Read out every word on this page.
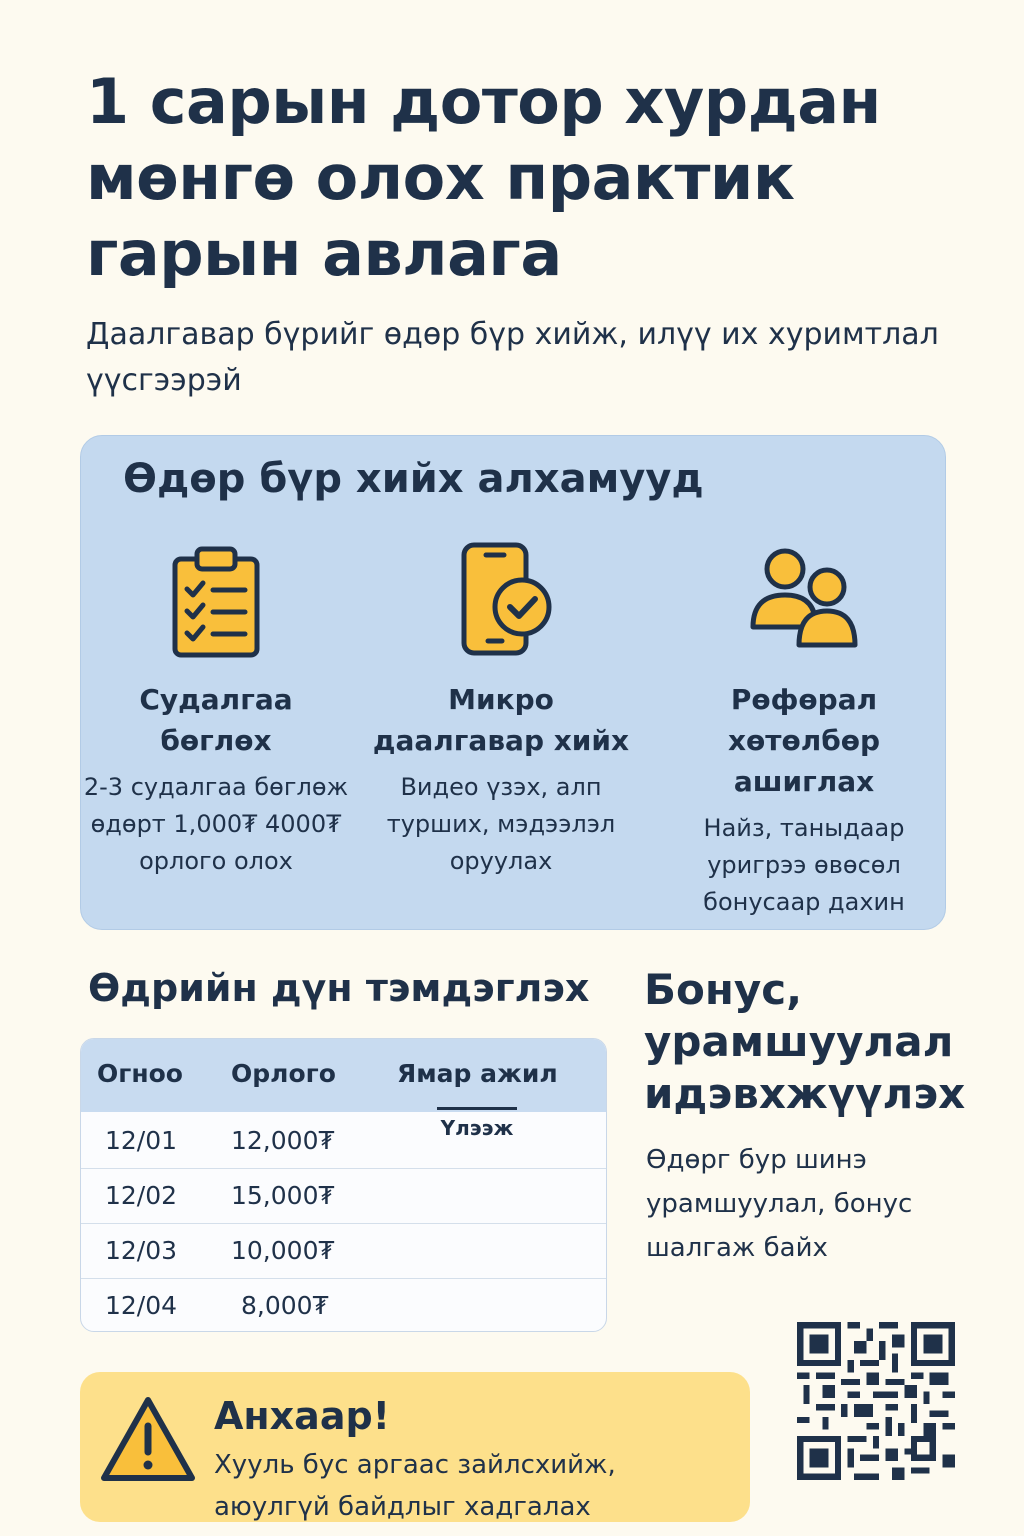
1 сарын дотор хурдан мөнгө олох практик гарын авлага

Даалгавар бүрийг өдөр бүр хийж, илүү их хуримтлал үүсгээрэй

Өдөр бүр хийх алхамууд
Судалгаа бөглөх
2-3 судалгаа бөглөж өдөрт 1,000₮ 4000₮ орлого олох
Микро даалгавар хийх
Видео үзэх, алп турших, мэдээлэл оруулах
Рөфөрал хөтөлбөр ашиглах
Найз, таныдаар уригрээ өвөсөл бонусаар дахин
Өдрийн дүн тэмдэглэх
Огноо Орлого Ямар ажил
Үлээж
12/01 12,000₮
12/02 15,000₮
12/03 10,000₮
12/04	8,000₮
Бонус, урамшуулал идэвхжүүлэх

Өдөрг бур шинэ урамшуулал, бонус шалгаж байх

Анхаар!

Хууль бус аргаас зайлсхийж, аюулгүй байдлыг хадгалах
